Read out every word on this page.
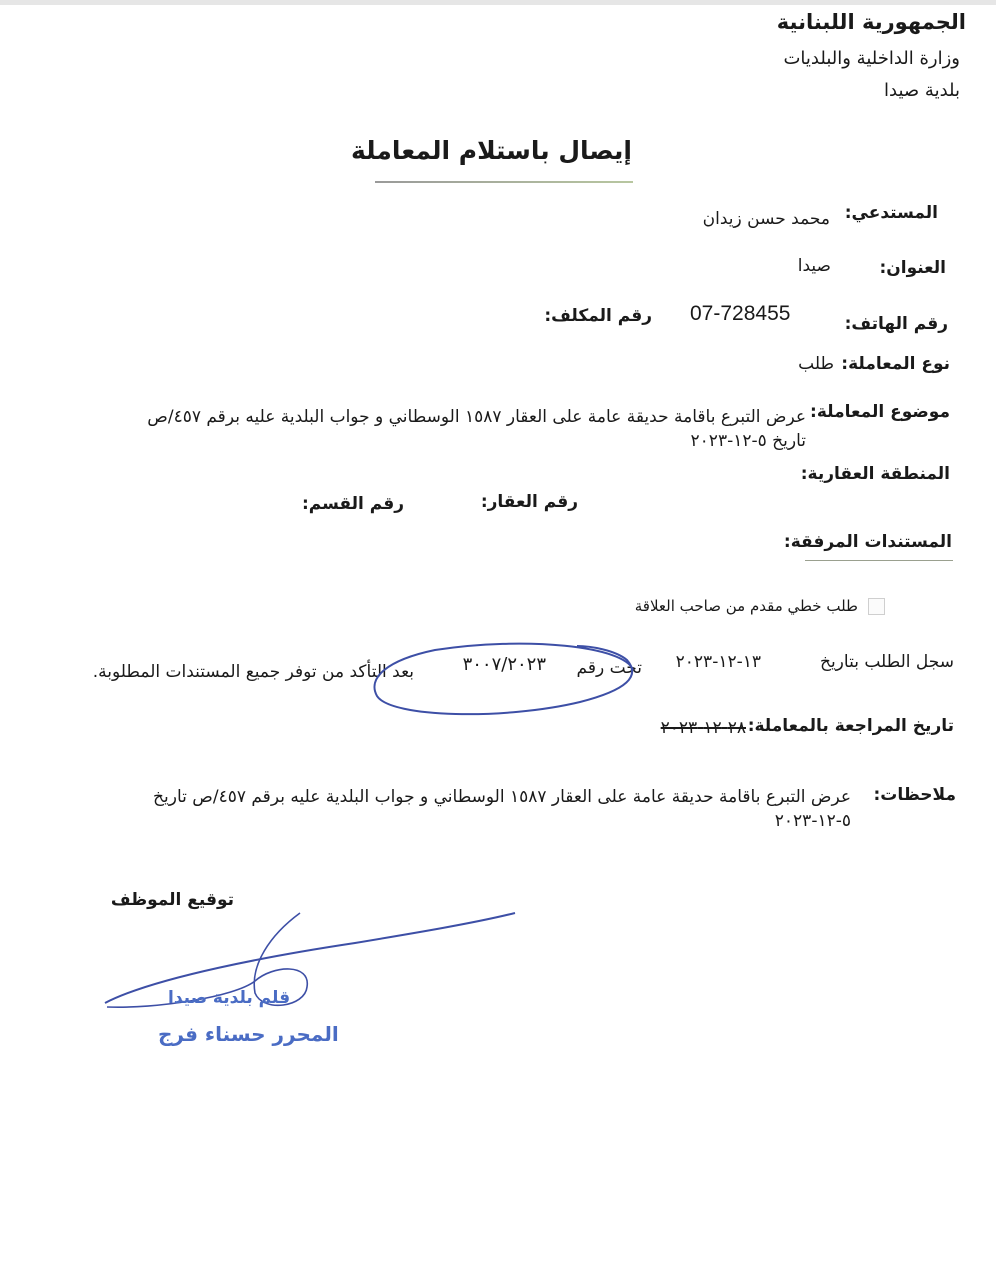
الجمهورية اللبنانية
وزارة الداخلية والبلديات
بلدية صيدا
إيصال باستلام المعاملة
المستدعي:
محمد حسن زيدان
العنوان:
صيدا
رقم الهاتف:
07-728455
رقم المكلف:
نوع المعاملة:
طلب
موضوع المعاملة:
عرض التبرع باقامة حديقة عامة على العقار ١٥٨٧ الوسطاني و جواب البلدية عليه برقم ٤٥٧/ص تاريخ ٥-١٢-٢٠٢٣
المنطقة العقارية:
رقم العقار:
رقم القسم:
المستندات المرفقة:
طلب خطي مقدم من صاحب العلاقة
سجل الطلب بتاريخ
١٣-١٢-٢٠٢٣
تحت رقم
٣٠٠٧/٢٠٢٣
بعد التأكد من توفر جميع المستندات المطلوبة.
تاريخ المراجعة بالمعاملة:
٢٨-١٢-٢٠٢٣
ملاحظات:
عرض التبرع باقامة حديقة عامة على العقار ١٥٨٧ الوسطاني و جواب البلدية عليه برقم ٤٥٧/ص تاريخ ٥-١٢-٢٠٢٣
توقيع الموظف
قلم بلدية صيدا
المحرر حسناء فرج
